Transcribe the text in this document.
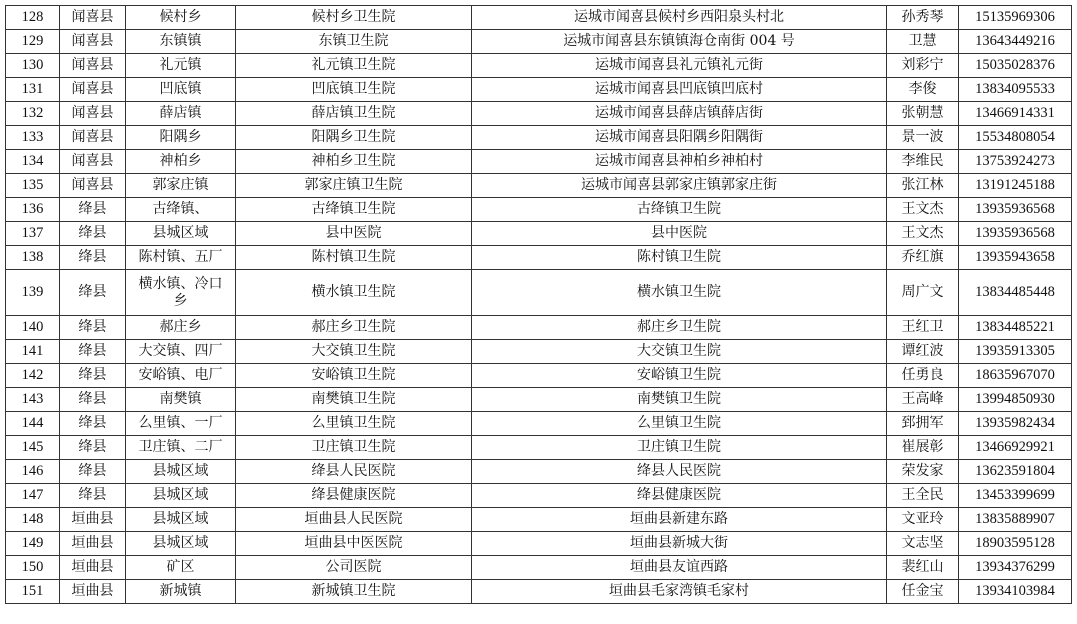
128	闻喜县	候村乡	候村乡卫生院	运城市闻喜县候村乡西阳泉头村北	孙秀琴	15135969306
129	闻喜县	东镇镇	东镇卫生院	运城市闻喜县东镇镇海仓南街 004 号	卫慧	13643449216
130	闻喜县	礼元镇	礼元镇卫生院	运城市闻喜县礼元镇礼元街	刘彩宁	15035028376
131	闻喜县	凹底镇	凹底镇卫生院	运城市闻喜县凹底镇凹底村	李俊	13834095533
132	闻喜县	薛店镇	薛店镇卫生院	运城市闻喜县薛店镇薛店街	张朝慧	13466914331
133	闻喜县	阳隅乡	阳隅乡卫生院	运城市闻喜县阳隅乡阳隅街	景一波	15534808054
134	闻喜县	神柏乡	神柏乡卫生院	运城市闻喜县神柏乡神柏村	李维民	13753924273
135	闻喜县	郭家庄镇	郭家庄镇卫生院	运城市闻喜县郭家庄镇郭家庄街	张江林	13191245188
136	绛县	古绛镇、	古绛镇卫生院	古绛镇卫生院	王文杰	13935936568
137	绛县	县城区域	县中医院	县中医院	王文杰	13935936568
138	绛县	陈村镇、五厂	陈村镇卫生院	陈村镇卫生院	乔红旗	13935943658
139	绛县	横水镇、冷口乡	横水镇卫生院	横水镇卫生院	周广文	13834485448
140	绛县	郝庄乡	郝庄乡卫生院	郝庄乡卫生院	王红卫	13834485221
141	绛县	大交镇、四厂	大交镇卫生院	大交镇卫生院	谭红波	13935913305
142	绛县	安峪镇、电厂	安峪镇卫生院	安峪镇卫生院	任勇良	18635967070
143	绛县	南樊镇	南樊镇卫生院	南樊镇卫生院	王高峰	13994850930
144	绛县	么里镇、一厂	么里镇卫生院	么里镇卫生院	郅拥军	13935982434
145	绛县	卫庄镇、二厂	卫庄镇卫生院	卫庄镇卫生院	崔展彰	13466929921
146	绛县	县城区域	绛县人民医院	绛县人民医院	荣发家	13623591804
147	绛县	县城区域	绛县健康医院	绛县健康医院	王全民	13453399699
148	垣曲县	县城区域	垣曲县人民医院	垣曲县新建东路	文亚玲	13835889907
149	垣曲县	县城区域	垣曲县中医医院	垣曲县新城大街	文志坚	18903595128
150	垣曲县	矿区	公司医院	垣曲县友谊西路	裴红山	13934376299
151	垣曲县	新城镇	新城镇卫生院	垣曲县毛家湾镇毛家村	任金宝	13934103984
